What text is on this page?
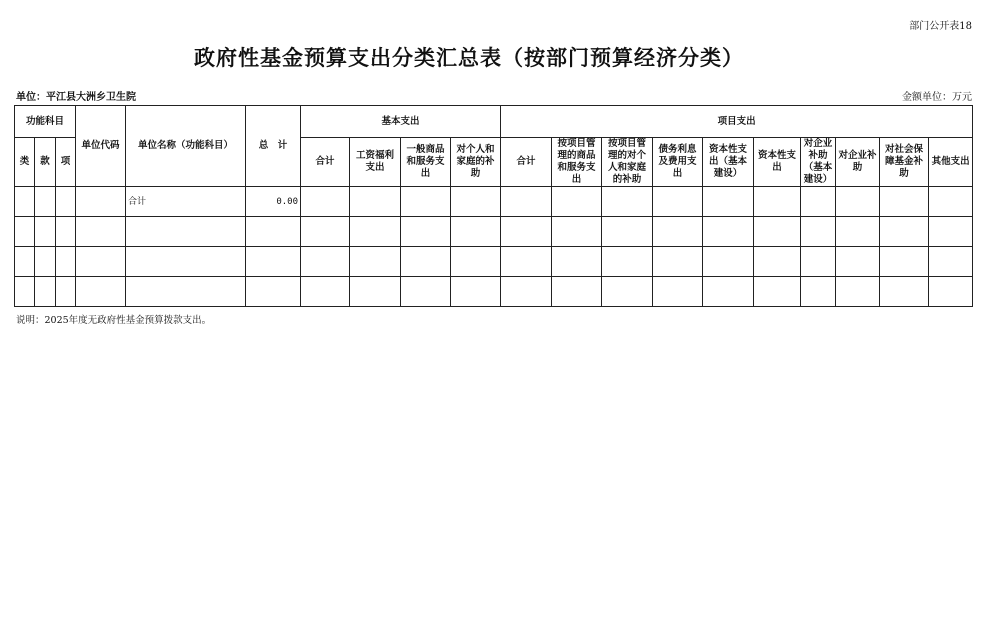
部门公开表18
政府性基金预算支出分类汇总表（按部门预算经济分类）
单位：平江县大洲乡卫生院	金额单位：万元
功能科目			单位代码	单位名称（功能科目）	总　计	基本支出				项目支出									
类	款	项				合计	工资福利支出	一般商品和服务支出	对个人和家庭的补助	合计	按项目管理的商品和服务支出	按项目管理的对个人和家庭的补助	债务利息及费用支出	资本性支出（基本建设）	资本性支出	对企业补助（基本建设）	对企业补助	对社会保障基金补助	其他支出
				合计	0.00														

说明：2025年度无政府性基金预算拨款支出。
